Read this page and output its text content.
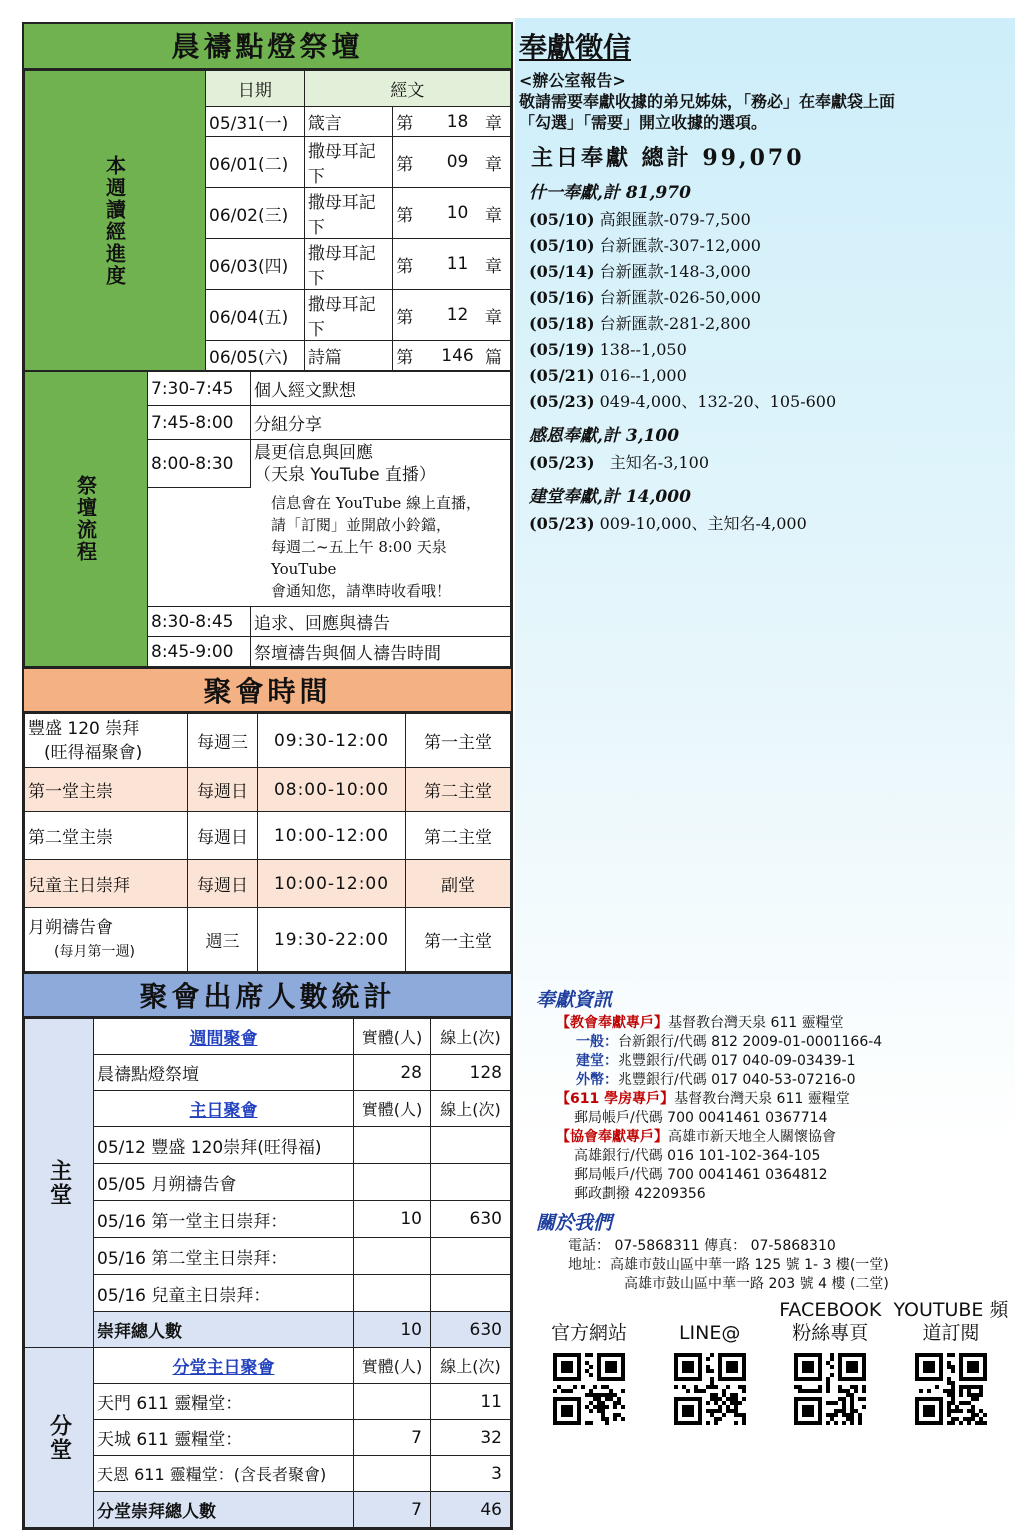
晨禱點燈祭壇
本週讀經進度	日期	經文			
	05/31(一)	箴言	第	18	章
	06/01(二)	撒母耳記下	第	09	章
	06/02(三)	撒母耳記下	第	10	章
	06/03(四)	撒母耳記下	第	11	章
	06/04(五)	撒母耳記下	第	12	章
	06/05(六)	詩篇	第	146	篇
祭壇流程	7:30-7:45	個人經文默想
	7:45-8:00	分組分享
	8:00-8:30	晨更信息與回應
（天泉 YouTube 直播）

	信息會在 YouTube 線上直播，
請「訂閱」並開啟小鈴鐺，
每週二~五上午 8:00 天泉 YouTube
會通知您，請準時收看哦！	

	8:30-8:45	追求、回應與禱告
	8:45-9:00	祭壇禱告與個人禱告時間
聚會時間
豐盛 120 崇拜
(旺得福聚會)	每週三	09:30-12:00	第一主堂
第一堂主崇	每週日	08:00-10:00	第二主堂
第二堂主崇	每週日	10:00-12:00	第二主堂
兒童主日崇拜	每週日	10:00-12:00	副堂

月朔禱告會
(每月第一週)	週三	19:30-22:00	第一主堂
聚會出席人數統計
主堂	週間聚會	實體(人)	線上(次)
	晨禱點燈祭壇	28	128
	主日聚會	實體(人)	線上(次)
	05/12 豐盛 120崇拜(旺得福)		
	05/05 月朔禱告會		
	05/16 第一堂主日崇拜：	10	630
	05/16 第二堂主日崇拜：		
	05/16 兒童主日崇拜：		
	崇拜總人數	10	630
分堂	分堂主日聚會	實體(人)	線上(次)
	天門 611 靈糧堂：		11
	天城 611 靈糧堂：	7	32
	天恩 611 靈糧堂：(含長者聚會)		3
	分堂崇拜總人數	7	46
奉獻徵信
<辦公室報告>
敬請需要奉獻收據的弟兄姊妹，「務必」在奉獻袋上面
「勾選」「需要」開立收據的選項。
主日奉獻 總計 99,070
什一奉獻,計 81,970
(05/10) 高銀匯款-079-7,500
(05/10) 台新匯款-307-12,000
(05/14) 台新匯款-148-3,000
(05/16) 台新匯款-026-50,000
(05/18) 台新匯款-281-2,800
(05/19) 138--1,050
(05/21) 016--1,000
(05/23) 049-4,000、132-20、105-600
感恩奉獻,計 3,100
(05/23) 主知名-3,100
建堂奉獻,計 14,000
(05/23) 009-10,000、主知名-4,000
奉獻資訊
【教會奉獻專戶】基督教台灣天泉 611 靈糧堂
一般：台新銀行/代碼 812 2009-01-0001166-4
建堂：兆豐銀行/代碼 017 040-09-03439-1
外幣：兆豐銀行/代碼 017 040-53-07216-0
【611 學房專戶】基督教台灣天泉 611 靈糧堂
郵局帳戶/代碼 700 0041461 0367714
【協會奉獻專戶】高雄市新天地全人關懷協會
高雄銀行/代碼 016 101-102-364-105
郵局帳戶/代碼 700 0041461 0364812
郵政劃撥 42209356
關於我們
電話： 07-5868311 傳真： 07-5868310
地址：高雄市鼓山區中華一路 125 號 1- 3 樓(一堂)
高雄市鼓山區中華一路 203 號 4 樓 (二堂)
官方網站	LINE@
FACEBOOK 粉絲專頁
YOUTUBE 頻道訂閱
